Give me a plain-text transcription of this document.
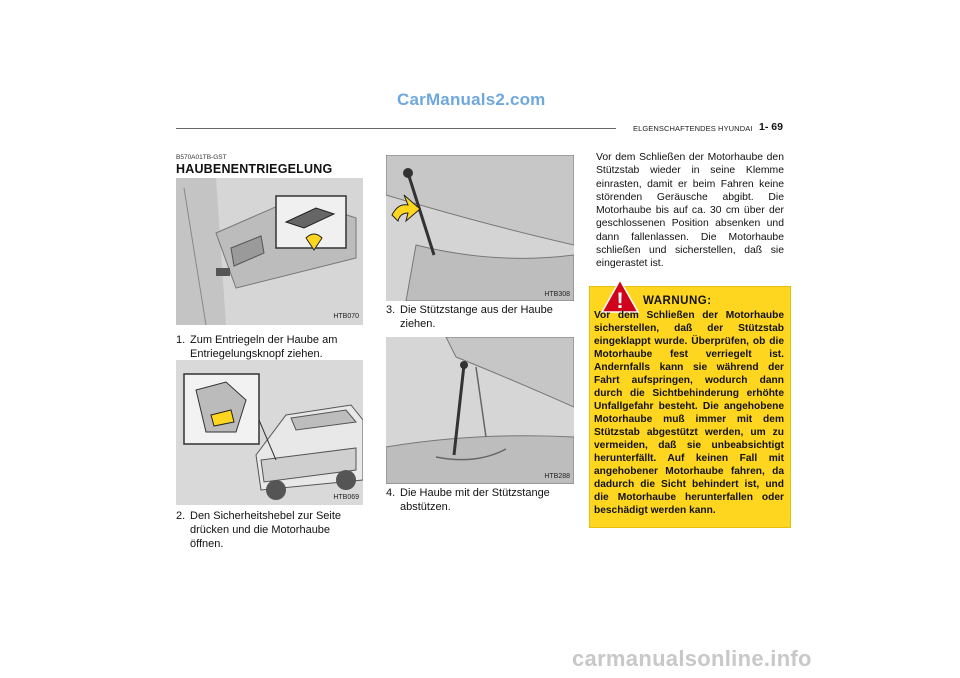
CarManuals2.com
ELGENSCHAFTENDES HYUNDAI 1- 69
B570A01TB-GST
HAUBENENTRIEGELUNG
HTB070
1. Zum Entriegeln der Haube am Entriegelungsknopf ziehen.
HTB069
2. Den Sicherheitshebel zur Seite drücken und die Motorhaube öffnen.
HTB308
3. Die Stützstange aus der Haube ziehen.
HTB288
4. Die Haube mit der Stützstange abstützen.
Vor dem Schließen der Motorhaube den Stützstab wieder in seine Klemme einrasten, damit er beim Fahren keine störenden Geräusche abgibt. Die Motorhaube bis auf ca. 30 cm über der geschlossenen Position absenken und dann fallenlassen. Die Motorhaube schließen und sicherstellen, daß sie eingerastet ist.
! WARNUNG:
Vor dem Schließen der Motorhaube sicherstellen, daß der Stützstab eingeklappt wurde. Überprüfen, ob die Motorhaube fest verriegelt ist. Andernfalls kann sie während der Fahrt aufspringen, wodurch dann durch die Sichtbehinderung erhöhte Unfallgefahr besteht. Die angehobene Motorhaube muß immer mit dem Stützstab abgestützt werden, um zu vermeiden, daß sie unbeabsichtigt herunterfällt. Auf keinen Fall mit angehobener Motorhaube fahren, da dadurch die Sicht behindert ist, und die Motorhaube herunterfallen oder beschädigt werden kann.
carmanualsonline.info
